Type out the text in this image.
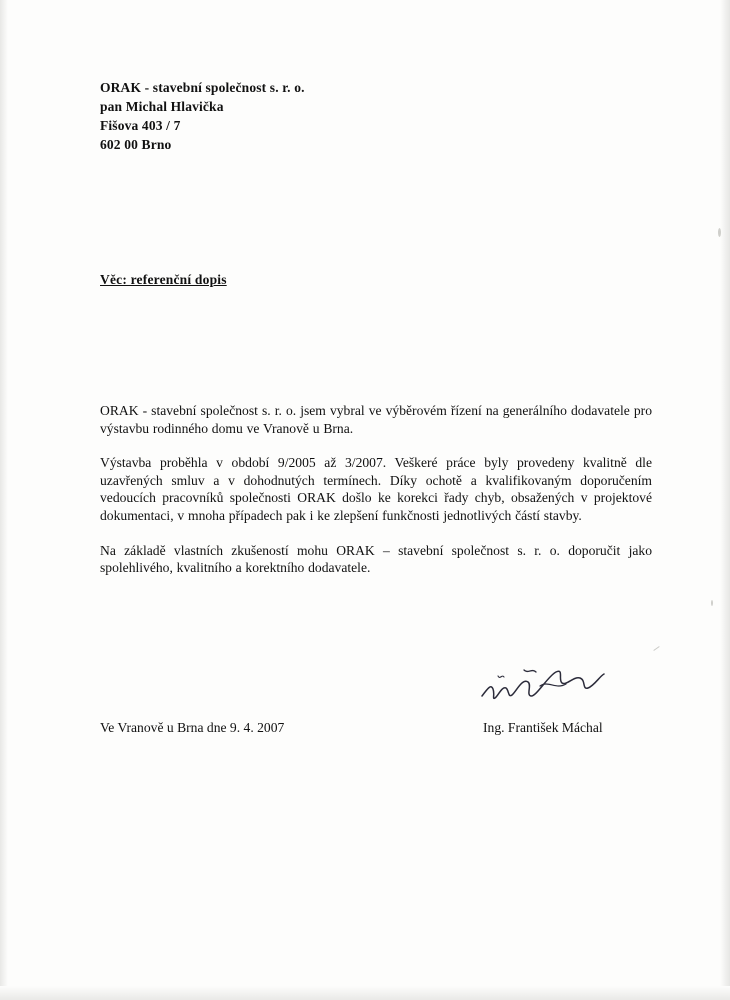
ORAK - stavební společnost s. r. o.
pan Michal Hlavička
Fišova 403 / 7
602 00 Brno
Věc: referenční dopis

ORAK - stavební společnost s. r. o. jsem vybral ve výběrovém řízení na generálního dodavatele pro výstavbu rodinného domu ve Vranově u Brna.

Výstavba proběhla v období 9/2005 až 3/2007. Veškeré práce byly provedeny kvalitně dle uzavřených smluv a v dohodnutých termínech. Díky ochotě a kvalifikovaným doporučením vedoucích pracovníků společnosti ORAK došlo ke korekci řady chyb, obsažených v projektové dokumentaci, v mnoha případech pak i ke zlepšení funkčnosti jednotlivých částí stavby.

Na základě vlastních zkušeností mohu ORAK – stavební společnost s. r. o. doporučit jako spolehlivého, kvalitního a korektního dodavatele.

Ve Vranově u Brna dne 9. 4. 2007	Ing. František Máchal
